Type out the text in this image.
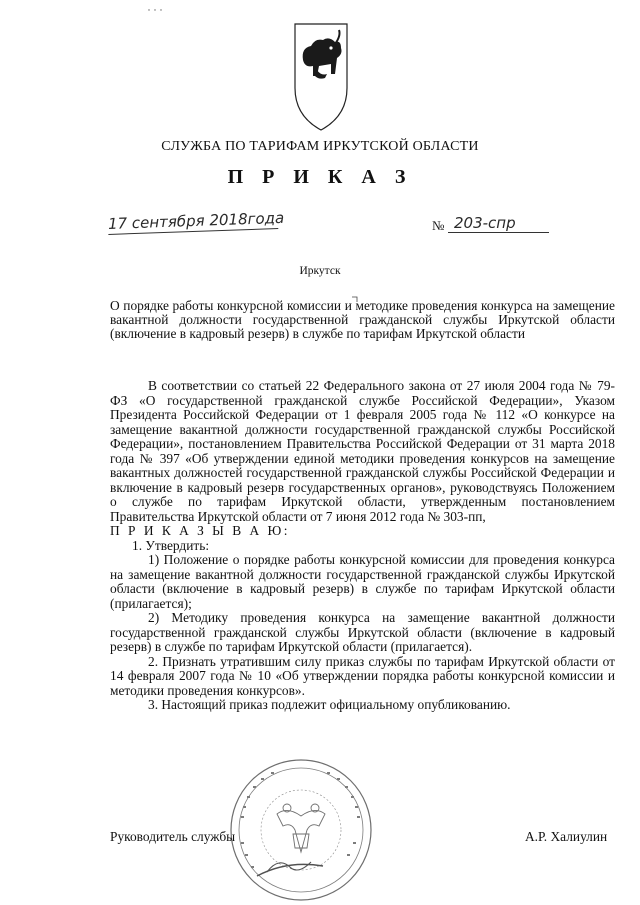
СЛУЖБА ПО ТАРИФАМ ИРКУТСКОЙ ОБЛАСТИ
П Р И К А З
17 сентября 2018года	№ 203-спр
Иркутск
О порядке работы конкурсной комиссии и методике проведения конкурса на замещение вакантной должности государственной гражданской службы Иркутской области (включение в кадровый резерв) в службе по тарифам Иркутской области

В соответствии со статьей 22 Федерального закона от 27 июля 2004 года № 79-ФЗ «О государственной гражданской службе Российской Федерации», Указом Президента Российской Федерации от 1 февраля 2005 года № 112 «О конкурсе на замещение вакантной должности государственной гражданской службы Российской Федерации», постановлением Правительства Российской Федерации от 31 марта 2018 года № 397 «Об утверждении единой методики проведения конкурсов на замещение вакантных должностей государственной гражданской службы Российской Федерации и включение в кадровый резерв государственных органов», руководствуясь Положением о службе по тарифам Иркутской области, утвержденным постановлением Правительства Иркутской области от 7 июня 2012 года № 303-пп,

П Р И К А З Ы В А Ю:

1. Утвердить:

1) Положение о порядке работы конкурсной комиссии для проведения конкурса на замещение вакантной должности государственной гражданской службы Иркутской области (включение в кадровый резерв) в службе по тарифам Иркутской области (прилагается);

2) Методику проведения конкурса на замещение вакантной должности государственной гражданской службы Иркутской области (включение в кадровый резерв) в службе по тарифам Иркутской области (прилагается).

2. Признать утратившим силу приказ службы по тарифам Иркутской области от 14 февраля 2007 года № 10 «Об утверждении порядка работы конкурсной комиссии и методики проведения конкурсов».

3. Настоящий приказ подлежит официальному опубликованию.

Руководитель службы	А.Р. Халиулин
